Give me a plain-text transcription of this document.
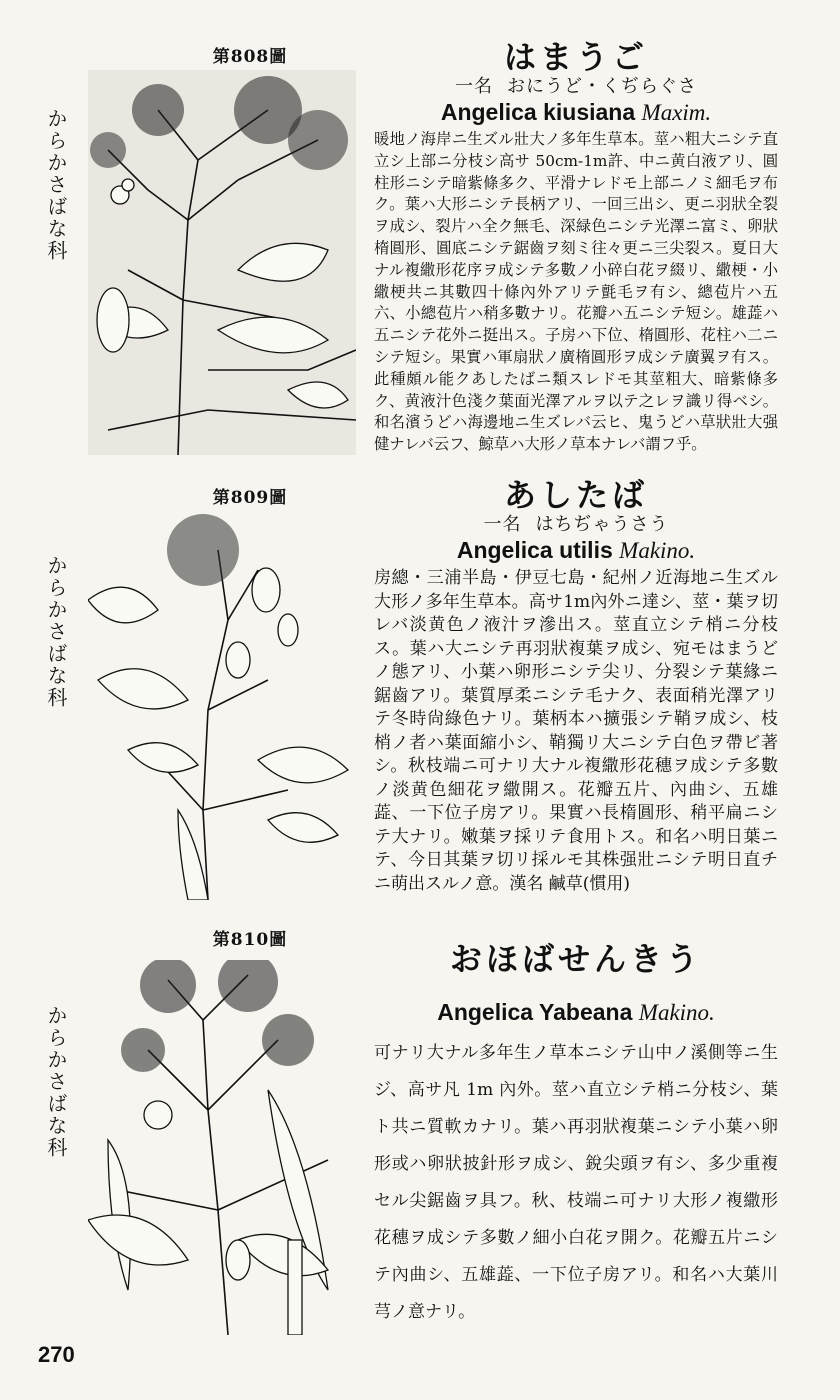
第808圖
からかさばな科
はまうご
一名 おにうど・くぢらぐさ
Angelica kiusiana Maxim.
暖地ノ海岸ニ生ズル壯大ノ多年生草本。莖ハ粗大ニシテ直立シ上部ニ分枝シ高サ 50cm-1m許、中ニ黄白液アリ、圓柱形ニシテ暗紫條多ク、平滑ナレドモ上部ニノミ細毛ヲ布ク。葉ハ大形ニシテ長柄アリ、一回三出シ、更ニ羽狀全裂ヲ成シ、裂片ハ全ク無毛、深緑色ニシテ光澤ニ富ミ、卵狀楕圓形、圓底ニシテ鋸齒ヲ刻ミ往々更ニ三尖裂ス。夏日大ナル複繖形花序ヲ成シテ多數ノ小碎白花ヲ綴リ、繖梗・小繖梗共ニ其數四十條內外アリテ氈毛ヲ有シ、總苞片ハ五六、小總苞片ハ稍多數ナリ。花瓣ハ五ニシテ短シ。雄蕋ハ五ニシテ花外ニ挺出ス。子房ハ下位、楕圓形、花柱ハ二ニシテ短シ。果實ハ軍扇狀ノ廣楕圓形ヲ成シテ廣翼ヲ有ス。此種頗ル能クあしたばニ類スレドモ其莖粗大、暗紫條多ク、黄液汁色淺ク葉面光澤アルヲ以テ之レヲ識リ得ベシ。和名濱うどハ海邊地ニ生ズレバ云ヒ、鬼うどハ草狀壯大强健ナレバ云フ、鯨草ハ大形ノ草本ナレバ謂フ乎。
第809圖
からかさばな科
あしたば
一名 はちぢゃうさう
Angelica utilis Makino.
房總・三浦半島・伊豆七島・紀州ノ近海地ニ生ズル大形ノ多年生草本。高サ1m內外ニ達シ、莖・葉ヲ切レバ淡黄色ノ液汁ヲ滲出ス。莖直立シテ梢ニ分枝ス。葉ハ大ニシテ再羽狀複葉ヲ成シ、宛モはまうどノ態アリ、小葉ハ卵形ニシテ尖リ、分裂シテ葉緣ニ鋸齒アリ。葉質厚柔ニシテ毛ナク、表面稍光澤アリテ冬時尙綠色ナリ。葉柄本ハ擴張シテ鞘ヲ成シ、枝梢ノ者ハ葉面縮小シ、鞘獨リ大ニシテ白色ヲ帶ビ著シ。秋枝端ニ可ナリ大ナル複繖形花穗ヲ成シテ多數ノ淡黄色細花ヲ繖開ス。花瓣五片、內曲シ、五雄蕋、一下位子房アリ。果實ハ長楕圓形、稍平扁ニシテ大ナリ。嫩葉ヲ採リテ食用トス。和名ハ明日葉ニテ、今日其葉ヲ切リ採ルモ其株强壯ニシテ明日直チニ萌出スルノ意。漢名 鹹草(慣用)
第810圖
からかさばな科
おほばせんきう
Angelica Yabeana Makino.
可ナリ大ナル多年生ノ草本ニシテ山中ノ溪側等ニ生ジ、高サ凡 1m 內外。莖ハ直立シテ梢ニ分枝シ、葉ト共ニ質軟カナリ。葉ハ再羽狀複葉ニシテ小葉ハ卵形或ハ卵狀披針形ヲ成シ、銳尖頭ヲ有シ、多少重複セル尖鋸齒ヲ具フ。秋、枝端ニ可ナリ大形ノ複繖形花穗ヲ成シテ多數ノ細小白花ヲ開ク。花瓣五片ニシテ內曲シ、五雄蕋、一下位子房アリ。和名ハ大葉川芎ノ意ナリ。
270
